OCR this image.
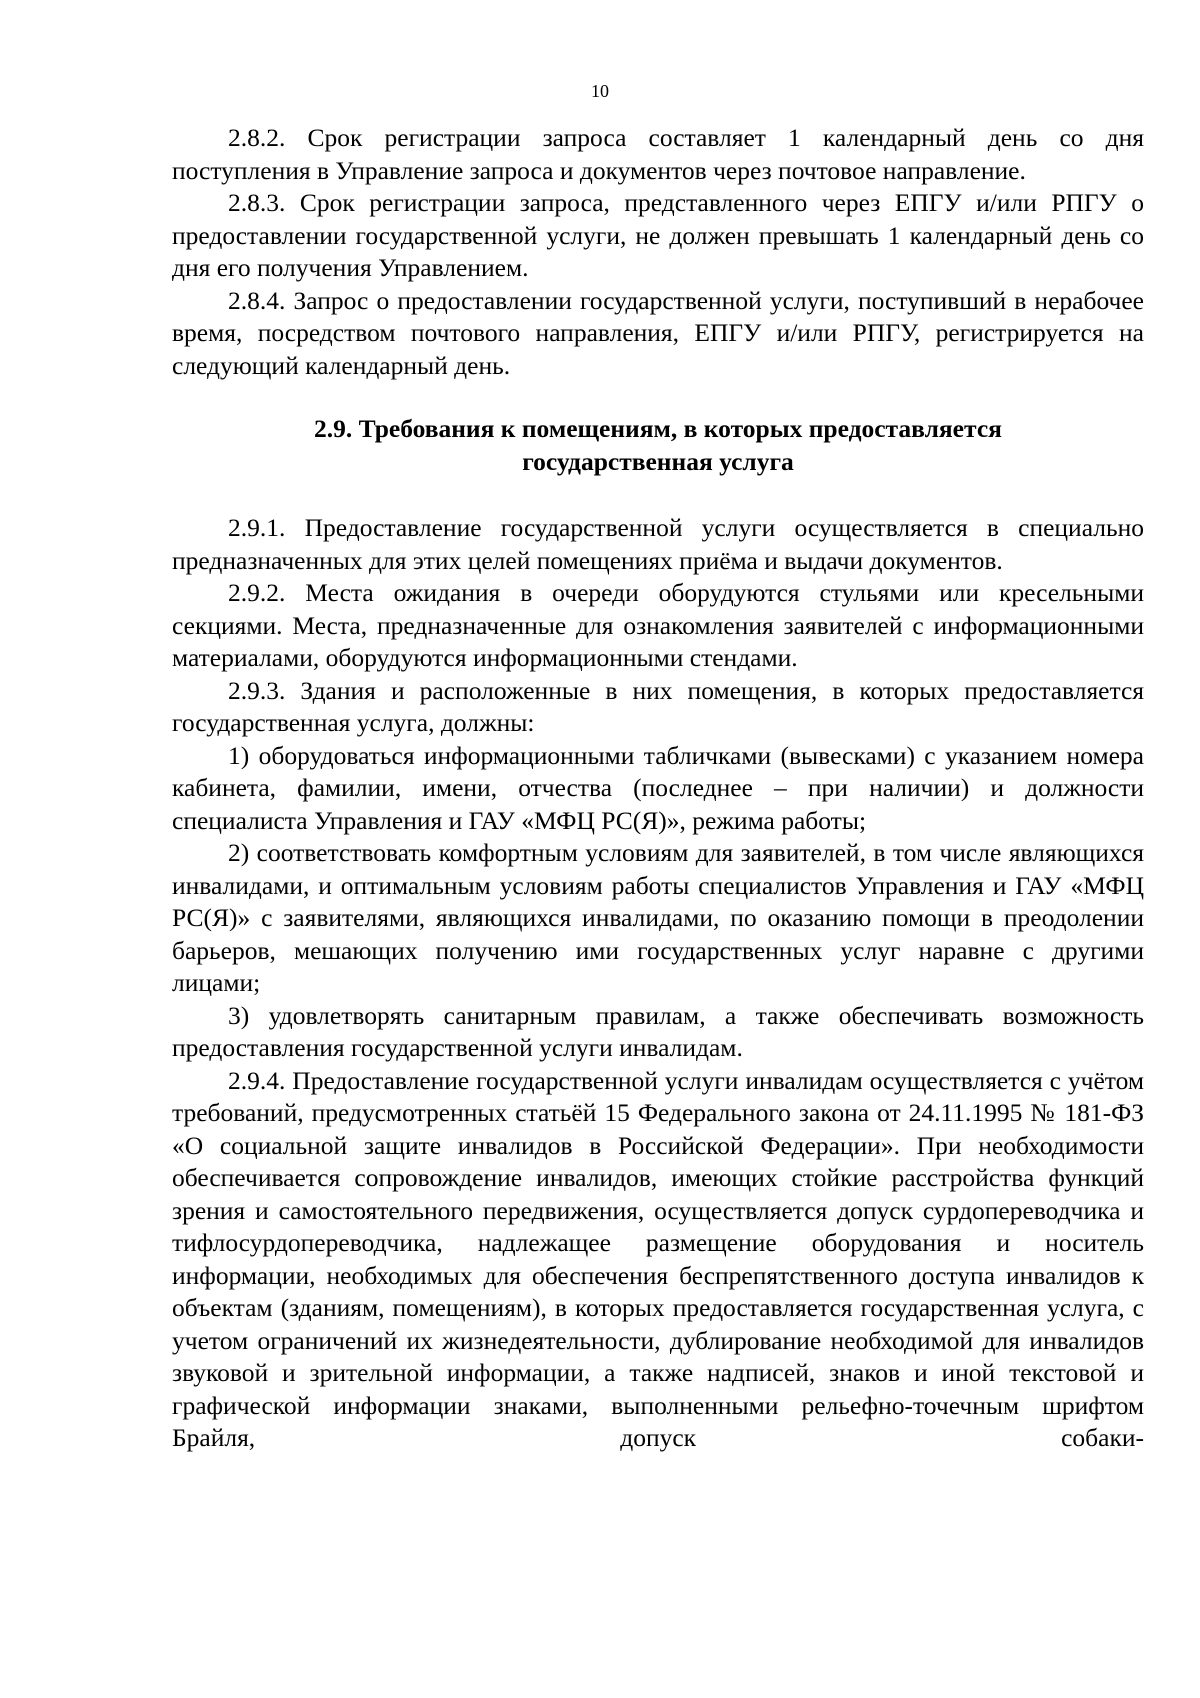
10

2.8.2. Срок регистрации запроса составляет 1 календарный день со дня поступления в Управление запроса и документов через почтовое направление.

2.8.3. Срок регистрации запроса, представленного через ЕПГУ и/или РПГУ о предоставлении государственной услуги, не должен превышать 1 календарный день со дня его получения Управлением.

2.8.4. Запрос о предоставлении государственной услуги, поступивший в нерабочее время, посредством почтового направления, ЕПГУ и/или РПГУ, регистрируется на следующий календарный день.

2.9. Требования к помещениям, в которых предоставляется
государственная услуга

2.9.1. Предоставление государственной услуги осуществляется в специально предназначенных для этих целей помещениях приёма и выдачи документов.

2.9.2. Места ожидания в очереди оборудуются стульями или кресельными секциями. Места, предназначенные для ознакомления заявителей с информационными материалами, оборудуются информационными стендами.

2.9.3. Здания и расположенные в них помещения, в которых предоставляется государственная услуга, должны:

1) оборудоваться информационными табличками (вывесками) с указанием номера кабинета, фамилии, имени, отчества (последнее – при наличии) и должности специалиста Управления и ГАУ «МФЦ РС(Я)», режима работы;

2) соответствовать комфортным условиям для заявителей, в том числе являющихся инвалидами, и оптимальным условиям работы специалистов Управления и ГАУ «МФЦ РС(Я)» с заявителями, являющихся инвалидами, по оказанию помощи в преодолении барьеров, мешающих получению ими государственных услуг наравне с другими лицами;

3) удовлетворять санитарным правилам, а также обеспечивать возможность предоставления государственной услуги инвалидам.

2.9.4. Предоставление государственной услуги инвалидам осуществляется с учётом требований, предусмотренных статьёй 15 Федерального закона от 24.11.1995 № 181-ФЗ «О социальной защите инвалидов в Российской Федерации». При необходимости обеспечивается сопровождение инвалидов, имеющих стойкие расстройства функций зрения и самостоятельного передвижения, осуществляется допуск сурдопереводчика и тифлосурдопереводчика, надлежащее размещение оборудования и носитель информации, необходимых для обеспечения беспрепятственного доступа инвалидов к объектам (зданиям, помещениям), в которых предоставляется государственная услуга, с учетом ограничений их жизнедеятельности, дублирование необходимой для инвалидов звуковой и зрительной информации, а также надписей, знаков и иной текстовой и графической информации знаками, выполненными рельефно-точечным шрифтом Брайля, допуск собаки-
